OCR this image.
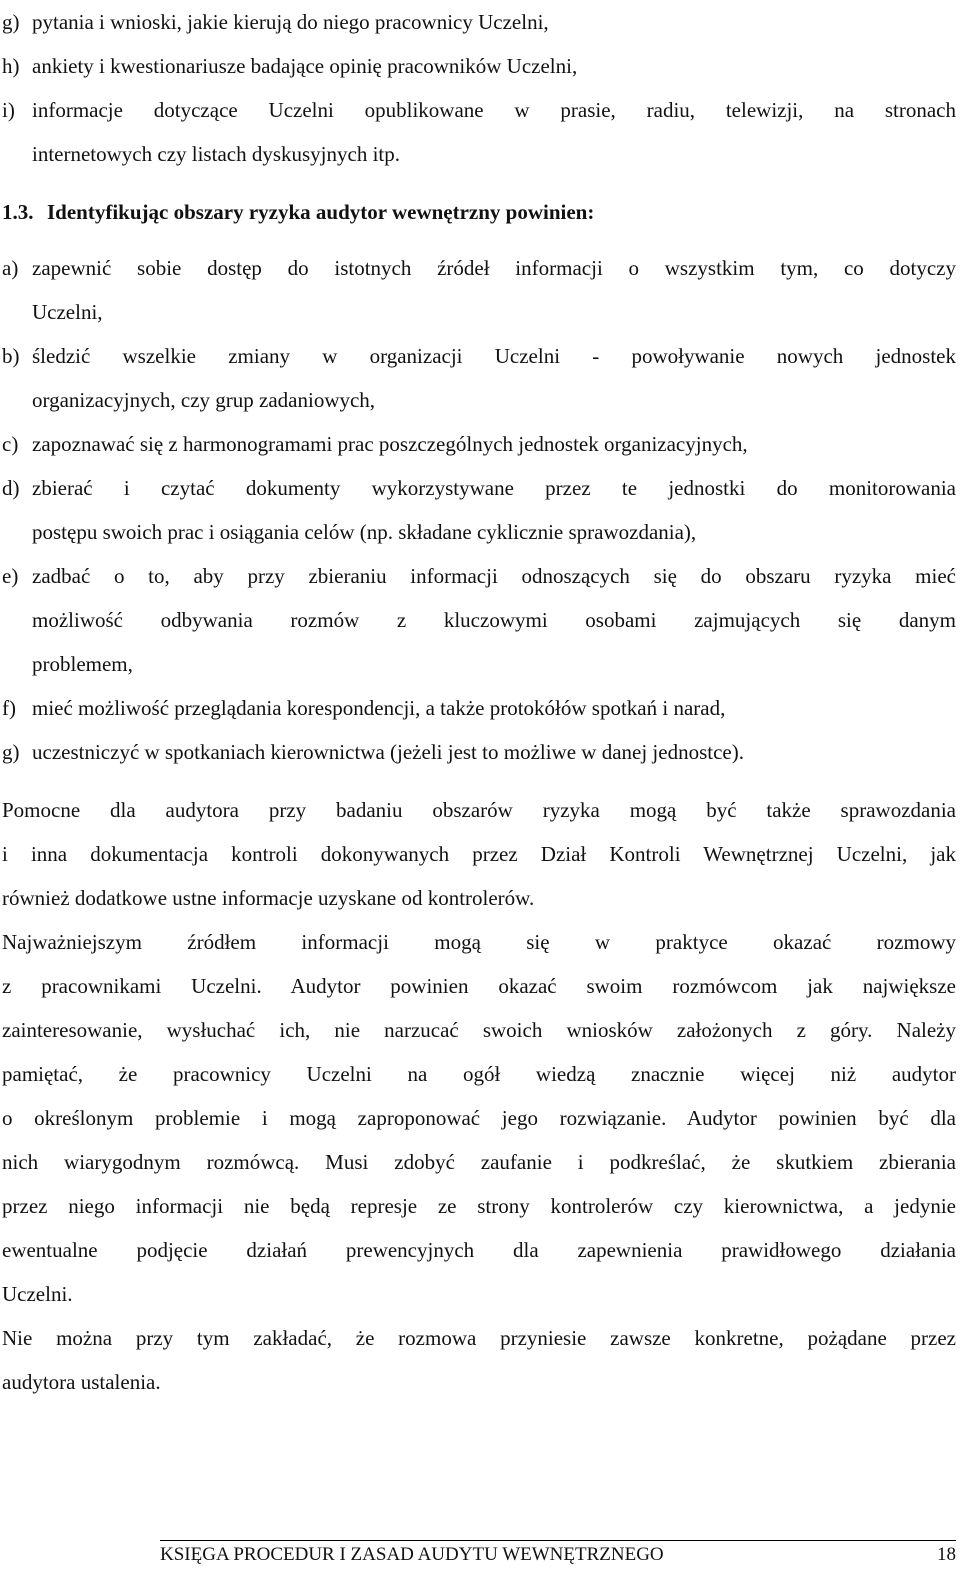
g) pytania i wnioski, jakie kierują do niego pracownicy Uczelni,
h) ankiety i kwestionariusze badające opinię pracowników Uczelni,
i) informacje dotyczące Uczelni opublikowane w prasie, radiu, telewizji, na stronach
internetowych czy listach dyskusyjnych itp.
1.3. Identyfikując obszary ryzyka audytor wewnętrzny powinien:
a) zapewnić sobie dostęp do istotnych źródeł informacji o wszystkim tym, co dotyczy
Uczelni,
b) śledzić wszelkie zmiany w organizacji Uczelni - powoływanie nowych jednostek
organizacyjnych, czy grup zadaniowych,
c) zapoznawać się z harmonogramami prac poszczególnych jednostek organizacyjnych,
d) zbierać i czytać dokumenty wykorzystywane przez te jednostki do monitorowania
postępu swoich prac i osiągania celów (np. składane cyklicznie sprawozdania),
e) zadbać o to, aby przy zbieraniu informacji odnoszących się do obszaru ryzyka mieć
możliwość odbywania rozmów z kluczowymi osobami zajmujących się danym
problemem,
f) mieć możliwość przeglądania korespondencji, a także protokółów spotkań i narad,
g) uczestniczyć w spotkaniach kierownictwa (jeżeli jest to możliwe w danej jednostce).
Pomocne dla audytora przy badaniu obszarów ryzyka mogą być także sprawozdania
i inna dokumentacja kontroli dokonywanych przez Dział Kontroli Wewnętrznej Uczelni, jak
również dodatkowe ustne informacje uzyskane od kontrolerów.
Najważniejszym źródłem informacji mogą się w praktyce okazać rozmowy
z pracownikami Uczelni. Audytor powinien okazać swoim rozmówcom jak największe
zainteresowanie, wysłuchać ich, nie narzucać swoich wniosków założonych z góry. Należy
pamiętać, że pracownicy Uczelni na ogół wiedzą znacznie więcej niż audytor
o określonym problemie i mogą zaproponować jego rozwiązanie. Audytor powinien być dla
nich wiarygodnym rozmówcą. Musi zdobyć zaufanie i podkreślać, że skutkiem zbierania
przez niego informacji nie będą represje ze strony kontrolerów czy kierownictwa, a jedynie
ewentualne podjęcie działań prewencyjnych dla zapewnienia prawidłowego działania
Uczelni.
Nie można przy tym zakładać, że rozmowa przyniesie zawsze konkretne, pożądane przez
audytora ustalenia.
KSIĘGA PROCEDUR I ZASAD AUDYTU WEWNĘTRZNEGO	18
